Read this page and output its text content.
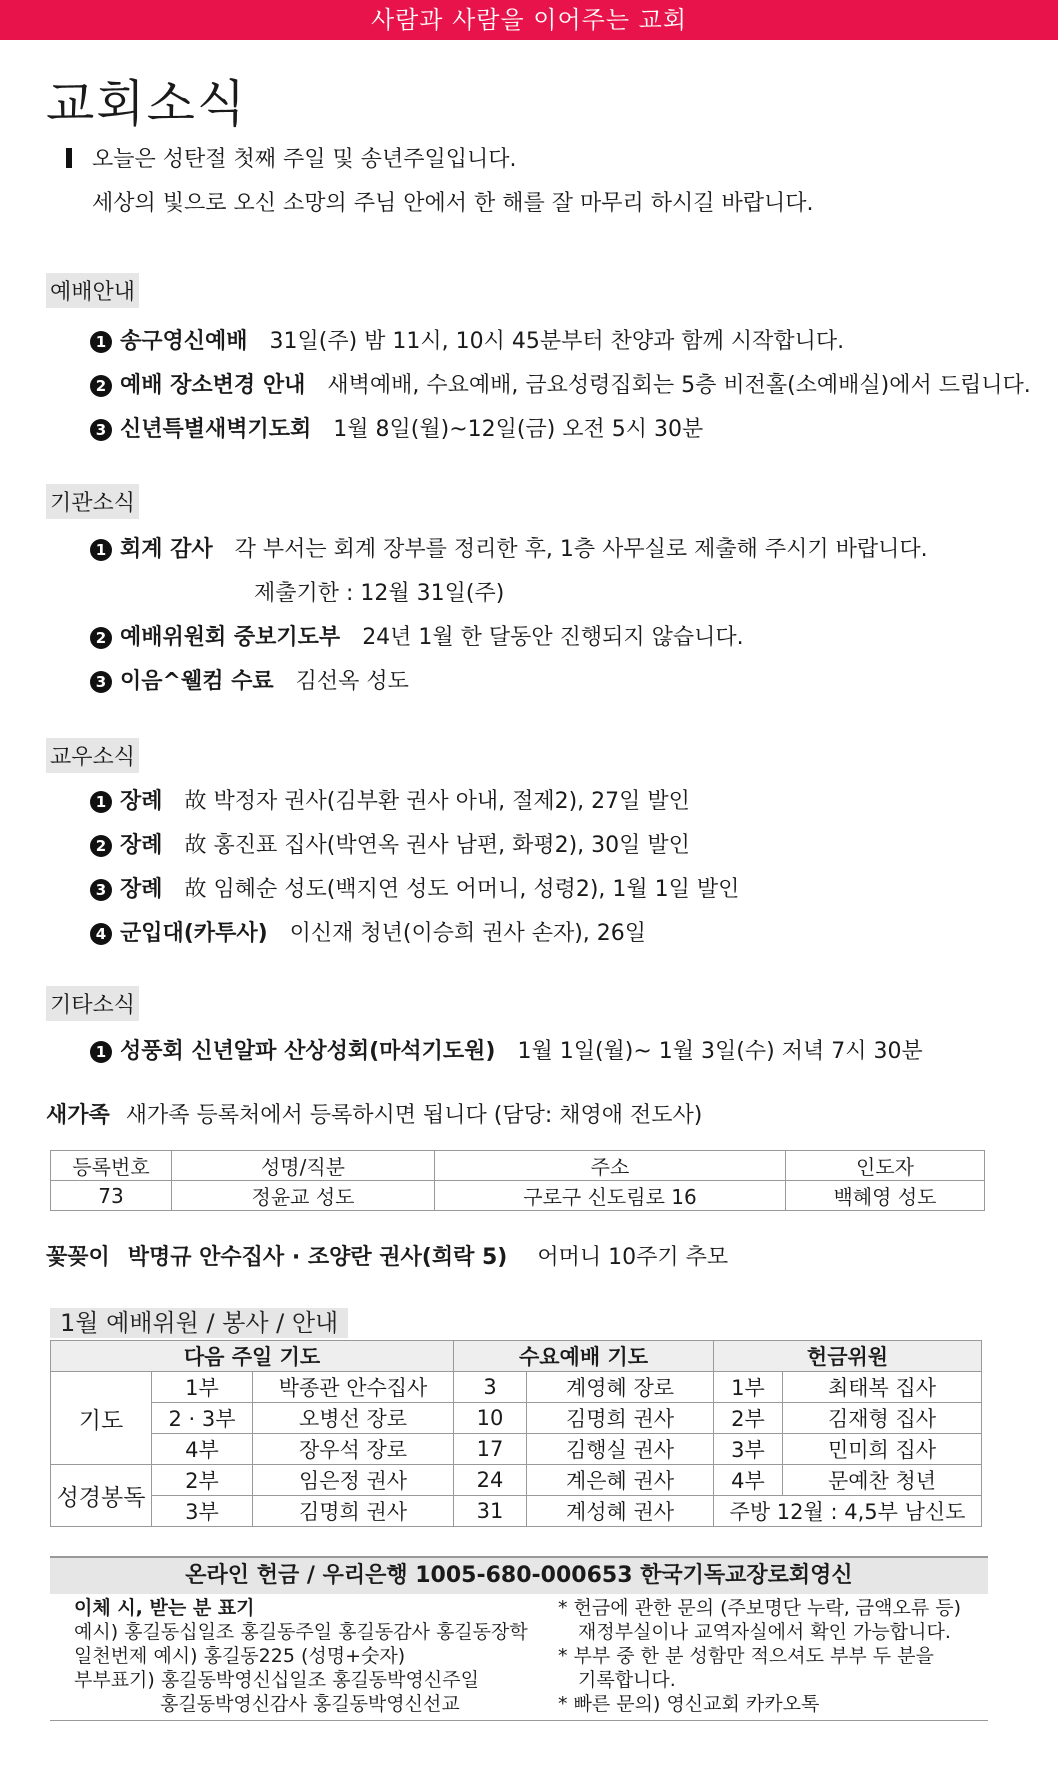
사람과 사람을 이어주는 교회
교회소식
오늘은 성탄절 첫째 주일 및 송년주일입니다.
세상의 빛으로 오신 소망의 주님 안에서 한 해를 잘 마무리 하시길 바랍니다.
예배안내
1 송구영신예배 31일(주) 밤 11시, 10시 45분부터 찬양과 함께 시작합니다.
2 예배 장소변경 안내 새벽예배, 수요예배, 금요성령집회는 5층 비전홀(소예배실)에서 드립니다.
3 신년특별새벽기도회 1월 8일(월)~12일(금) 오전 5시 30분
기관소식
1 회계 감사 각 부서는 회계 장부를 정리한 후, 1층 사무실로 제출해 주시기 바랍니다.
제출기한 : 12월 31일(주)
2 예배위원회 중보기도부 24년 1월 한 달동안 진행되지 않습니다.
3 이음^웰컴 수료 김선옥 성도
교우소식
1 장례 故 박정자 권사(김부환 권사 아내, 절제2), 27일 발인
2 장례 故 홍진표 집사(박연옥 권사 남편, 화평2), 30일 발인
3 장례 故 임혜순 성도(백지연 성도 어머니, 성령2), 1월 1일 발인
4 군입대(카투사) 이신재 청년(이승희 권사 손자), 26일
기타소식
1 성풍회 신년알파 산상성회(마석기도원) 1월 1일(월)~ 1월 3일(수) 저녁 7시 30분
새가족 새가족 등록처에서 등록하시면 됩니다 (담당: 채영애 전도사)
등록번호	성명/직분	주소	인도자
73	정윤교 성도	구로구 신도림로 16	백혜영 성도
꽃꽂이 박명규 안수집사 · 조양란 권사(희락 5) 어머니 10주기 추모
1월 예배위원 / 봉사 / 안내
다음 주일 기도			수요예배 기도		헌금위원	
기도	1부	박종관 안수집사	3	계영혜 장로	1부	최태복 집사
	2 · 3부	오병선 장로	10	김명희 권사	2부	김재형 집사
	4부	장우석 장로	17	김행실 권사	3부	민미희 집사
성경봉독	2부	임은정 권사	24	계은혜 권사	4부	문예찬 청년
	3부	김명희 권사	31	계성혜 권사	주방 12월 : 4,5부 남신도	
온라인 헌금 / 우리은행 1005-680-000653 한국기독교장로회영신
이체 시, 받는 분 표기
예시) 홍길동십일조 홍길동주일 홍길동감사 홍길동장학
일천번제 예시) 홍길동225 (성명+숫자)
부부표기) 홍길동박영신십일조 홍길동박영신주일
홍길동박영신감사 홍길동박영신선교
* 헌금에 관한 문의 (주보명단 누락, 금액오류 등)
재정부실이나 교역자실에서 확인 가능합니다.
* 부부 중 한 분 성함만 적으셔도 부부 두 분을
기록합니다.
* 빠른 문의) 영신교회 카카오톡
